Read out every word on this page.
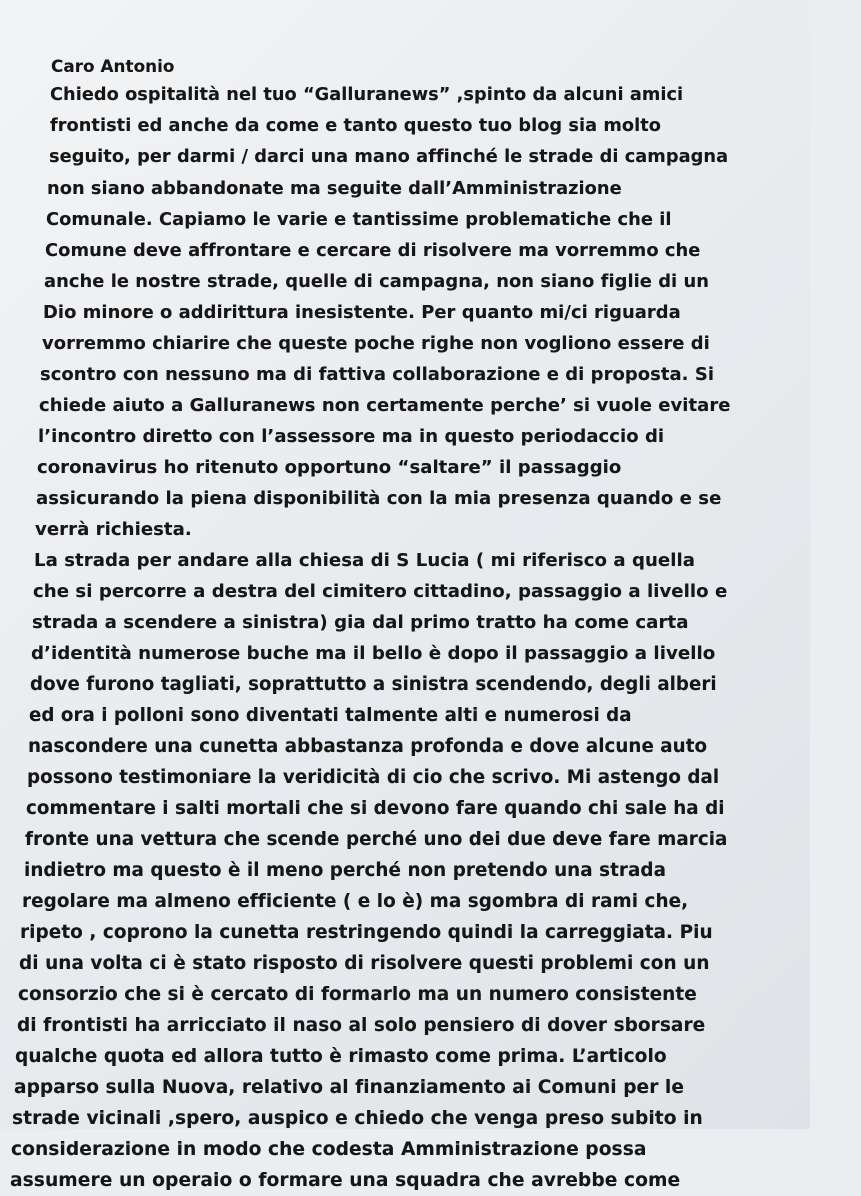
Caro Antonio
Chiedo ospitalità nel tuo “Galluranews” ,spinto da alcuni amici
frontisti ed anche da come e tanto questo tuo blog sia molto
seguito, per darmi / darci una mano affinché le strade di campagna
non siano abbandonate ma seguite dall’Amministrazione
Comunale. Capiamo le varie e tantissime problematiche che il
Comune deve affrontare e cercare di risolvere ma vorremmo che
anche le nostre strade, quelle di campagna, non siano figlie di un
Dio minore o addirittura inesistente. Per quanto mi/ci riguarda
vorremmo chiarire che queste poche righe non vogliono essere di
scontro con nessuno ma di fattiva collaborazione e di proposta. Si
chiede aiuto a Galluranews non certamente perche’ si vuole evitare
l’incontro diretto con l’assessore ma in questo periodaccio di
coronavirus ho ritenuto opportuno “saltare” il passaggio
assicurando la piena disponibilità con la mia presenza quando e se
verrà richiesta.
La strada per andare alla chiesa di S Lucia ( mi riferisco a quella
che si percorre a destra del cimitero cittadino, passaggio a livello e
strada a scendere a sinistra) gia dal primo tratto ha come carta
d’identità numerose buche ma il bello è dopo il passaggio a livello
dove furono tagliati, soprattutto a sinistra scendendo, degli alberi
ed ora i polloni sono diventati talmente alti e numerosi da
nascondere una cunetta abbastanza profonda e dove alcune auto
possono testimoniare la veridicità di cio che scrivo. Mi astengo dal
commentare i salti mortali che si devono fare quando chi sale ha di
fronte una vettura che scende perché uno dei due deve fare marcia
indietro ma questo è il meno perché non pretendo una strada
regolare ma almeno efficiente ( e lo è) ma sgombra di rami che,
ripeto , coprono la cunetta restringendo quindi la carreggiata. Piu
di una volta ci è stato risposto di risolvere questi problemi con un
consorzio che si è cercato di formarlo ma un numero consistente
di frontisti ha arricciato il naso al solo pensiero di dover sborsare
qualche quota ed allora tutto è rimasto come prima. L’articolo
apparso sulla Nuova, relativo al finanziamento ai Comuni per le
strade vicinali ,spero, auspico e chiedo che venga preso subito in
considerazione in modo che codesta Amministrazione possa
assumere un operaio o formare una squadra che avrebbe come
